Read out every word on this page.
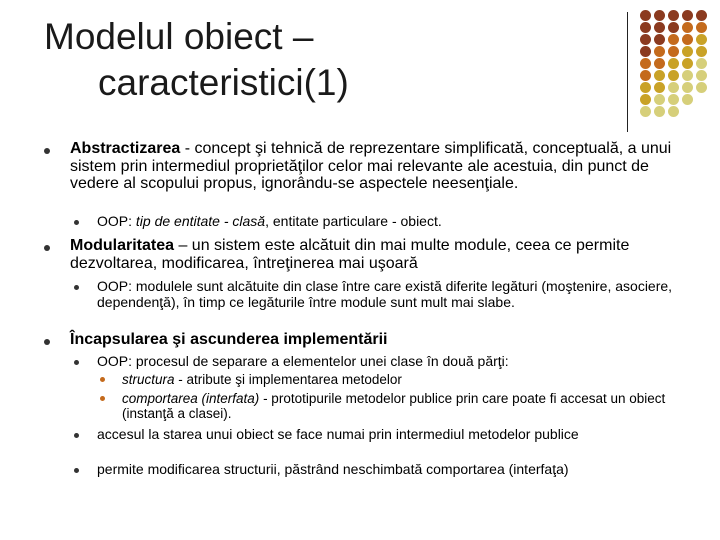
Modelul obiect –
caracteristici(1)
Abstractizarea - concept şi tehnică de reprezentare simplificată, conceptuală, a unui sistem prin intermediul proprietăţilor celor mai relevante ale acestuia, din punct de vedere al scopului propus, ignorându-se aspectele neesenţiale.
OOP: tip de entitate - clasă, entitate particulare - obiect.
Modularitatea – un sistem este alcătuit din mai multe module, ceea ce permite dezvoltarea, modificarea, întreţinerea mai uşoară
OOP: modulele sunt alcătuite din clase între care există diferite legături (moştenire, asociere, dependenţă), în timp ce legăturile între module sunt mult mai slabe.
Încapsularea şi ascunderea implementării
OOP: procesul de separare a elementelor unei clase în două părţi:
structura - atribute şi implementarea metodelor
comportarea (interfata) - prototipurile metodelor publice prin care poate fi accesat un obiect (instanţă a clasei).
accesul la starea unui obiect se face numai prin intermediul metodelor publice
permite modificarea structurii, păstrând neschimbată comportarea (interfaţa)
